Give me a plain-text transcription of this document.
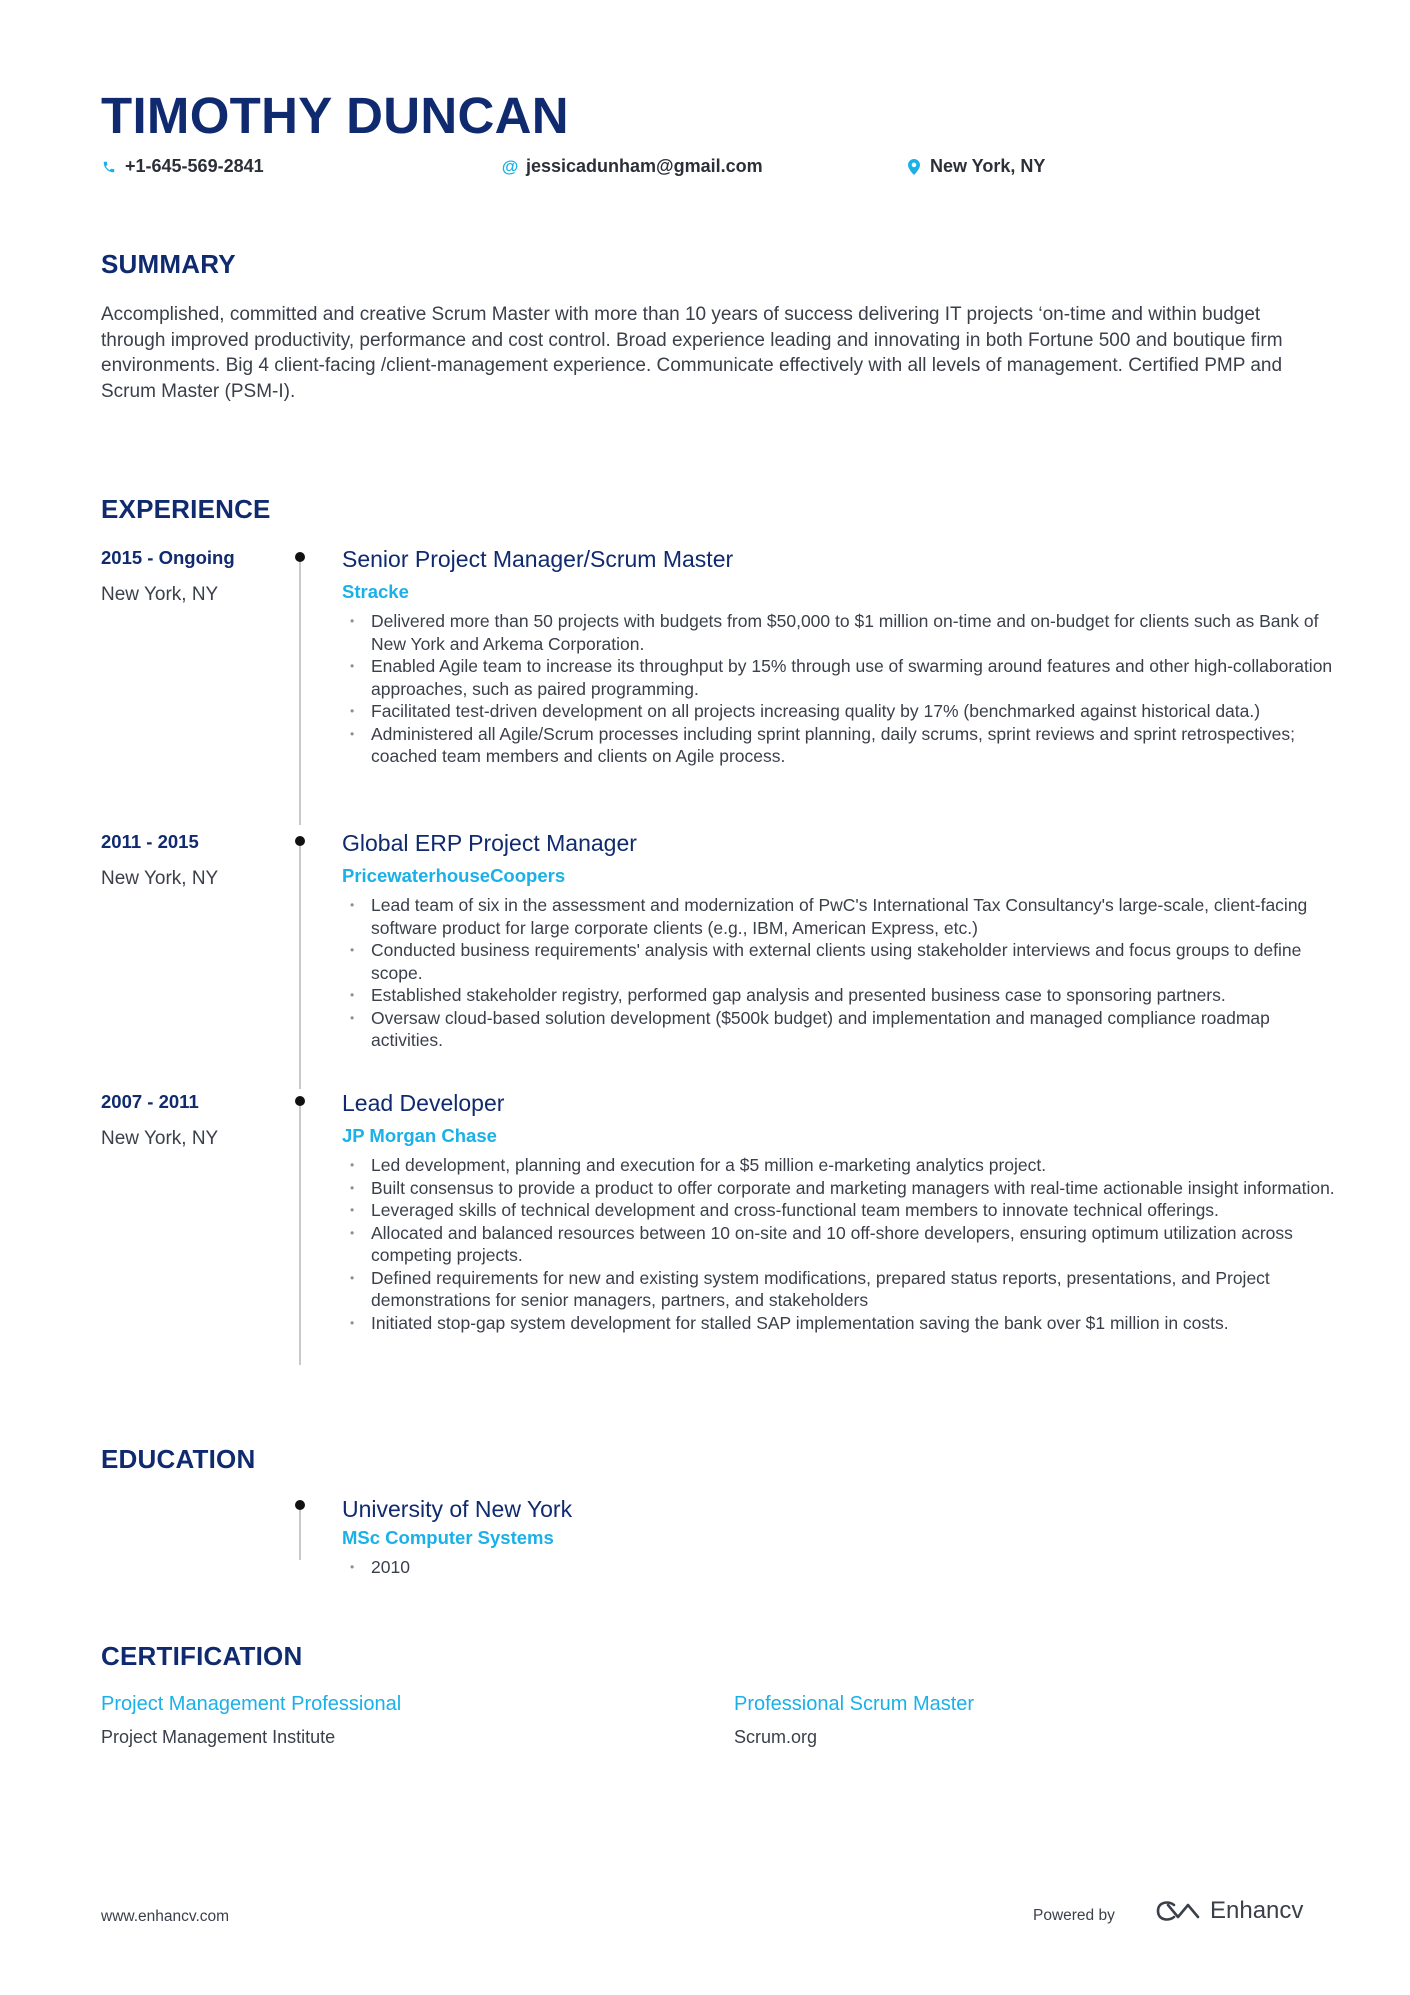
TIMOTHY DUNCAN
+1-645-569-2841	@ jessicadunham@gmail.com	New York, NY
SUMMARY

Accomplished, committed and creative Scrum Master with more than 10 years of success delivering IT projects ‘on-time and within budget through improved productivity, performance and cost control. Broad experience leading and innovating in both Fortune 500 and boutique firm environments. Big 4 client-facing /client-management experience. Communicate effectively with all levels of management. Certified PMP and Scrum Master (PSM-I).

EXPERIENCE
2015 - Ongoing
New York, NY
Senior Project Manager/Scrum Master
Stracke
• Delivered more than 50 projects with budgets from $50,000 to $1 million on-time and on-budget for clients such as Bank of New York and Arkema Corporation.
• Enabled Agile team to increase its throughput by 15% through use of swarming around features and other high-collaboration approaches, such as paired programming.
• Facilitated test-driven development on all projects increasing quality by 17% (benchmarked against historical data.)
• Administered all Agile/Scrum processes including sprint planning, daily scrums, sprint reviews and sprint retrospectives; coached team members and clients on Agile process.
2011 - 2015
New York, NY
Global ERP Project Manager
PricewaterhouseCoopers
• Lead team of six in the assessment and modernization of PwC's International Tax Consultancy's large-scale, client-facing software product for large corporate clients (e.g., IBM, American Express, etc.)
• Conducted business requirements' analysis with external clients using stakeholder interviews and focus groups to define scope.
• Established stakeholder registry, performed gap analysis and presented business case to sponsoring partners.
• Oversaw cloud-based solution development ($500k budget) and implementation and managed compliance roadmap activities.
2007 - 2011
New York, NY
Lead Developer
JP Morgan Chase
• Led development, planning and execution for a $5 million e-marketing analytics project.
• Built consensus to provide a product to offer corporate and marketing managers with real-time actionable insight information.
• Leveraged skills of technical development and cross-functional team members to innovate technical offerings.
• Allocated and balanced resources between 10 on-site and 10 off-shore developers, ensuring optimum utilization across competing projects.
• Defined requirements for new and existing system modifications, prepared status reports, presentations, and Project demonstrations for senior managers, partners, and stakeholders
• Initiated stop-gap system development for stalled SAP implementation saving the bank over $1 million in costs.
EDUCATION
University of New York
MSc Computer Systems
• 2010
CERTIFICATION
Project Management Professional
Project Management Institute
Professional Scrum Master
Scrum.org
www.enhancv.com	Powered by	Enhancv
